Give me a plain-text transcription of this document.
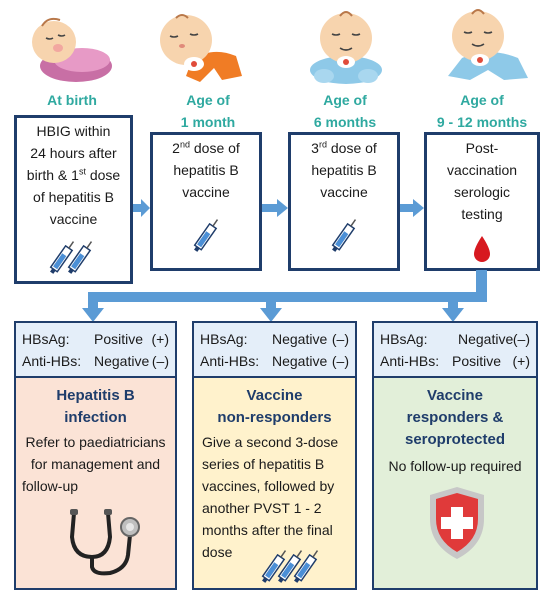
At birth	Age of
1 month
Age of
6 months
Age of
9 - 12 months
HBIG within
24 hours after
birth & 1st dose
of hepatitis B
vaccine
2nd dose of
hepatitis B
vaccine
3rd dose of
hepatitis B
vaccine
Post-
vaccination
serologic
testing
HBsAg: Positive (+)
Anti-HBs: Negative (–)
Hepatitis B
infection
Refer to paediatricians
for management and
follow-up
HBsAg: Negative (–)
Anti-HBs: Negative (–)
Vaccine
non-responders
Give a second 3-dose
series of hepatitis B
vaccines, followed by
another PVST 1 - 2
months after the final
dose
HBsAg: Negative (–)
Anti-HBs: Positive (+)
Vaccine
responders &
seroprotected
No follow-up required
